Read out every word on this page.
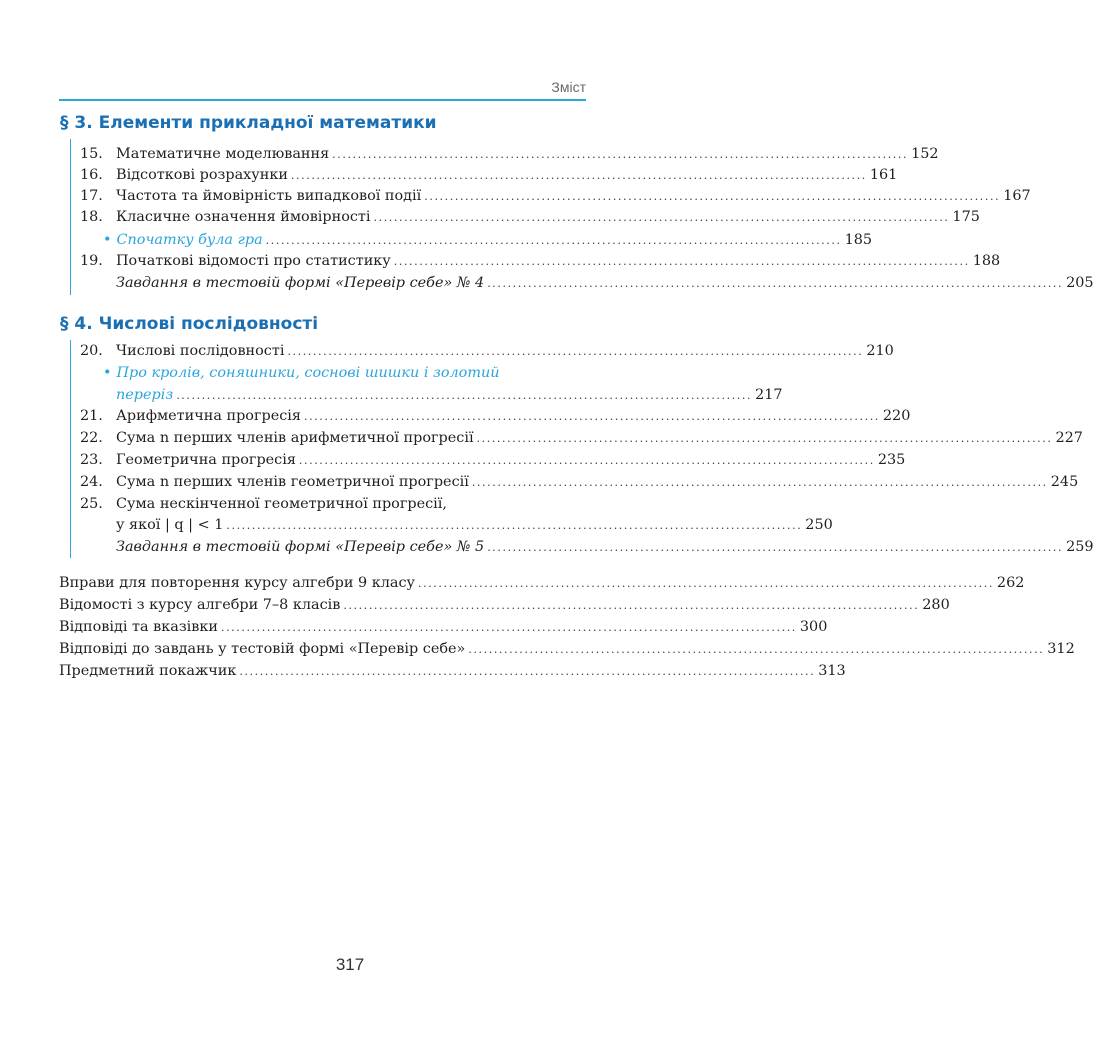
Зміст
§ 3. Елементи прикладної математики
15. Математичне моделювання ................................................................................................................. 152
16. Відсоткові розрахунки ................................................................................................................. 161
17. Частота та ймовірність випадкової події ................................................................................................................. 167
18. Класичне означення ймовірності ................................................................................................................. 175
• Спочатку була гра ................................................................................................................. 185
19. Початкові відомості про статистику ................................................................................................................. 188
Завдання в тестовій формі «Перевір себе» № 4 ................................................................................................................. 205
§ 4. Числові послідовності
20. Числові послідовності ................................................................................................................. 210
• Про кролів, соняшники, соснові шишки і золотий
переріз ................................................................................................................. 217
21. Арифметична прогресія ................................................................................................................. 220
22. Сума n перших членів арифметичної прогресії ................................................................................................................. 227
23. Геометрична прогресія ................................................................................................................. 235
24. Сума n перших членів геометричної прогресії ................................................................................................................. 245
25. Сума нескінченної геометричної прогресії,
у якої | q | < 1 ................................................................................................................. 250
Завдання в тестовій формі «Перевір себе» № 5 ................................................................................................................. 259
Вправи для повторення курсу алгебри 9 класу ................................................................................................................. 262
Відомості з курсу алгебри 7–8 класів ................................................................................................................. 280
Відповіді та вказівки ................................................................................................................. 300
Відповіді до завдань у тестовій формі «Перевір себе» ................................................................................................................. 312
Предметний покажчик ................................................................................................................. 313
317
